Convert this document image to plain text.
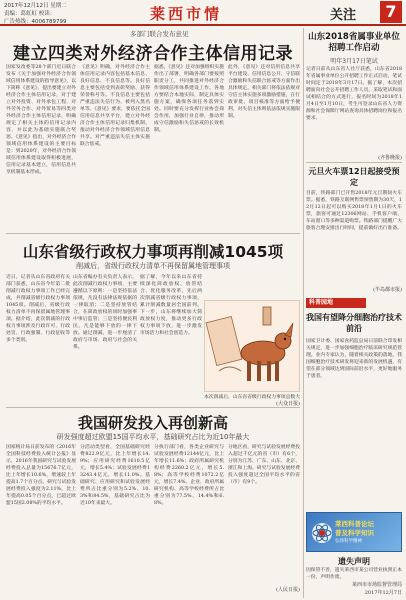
2017年12月12日 星期二
责编：葛虹虹 校读：
广告热线：4006789799	莱西市情	关注	7
多部门联合发布意见
建立四类对外经济合作主体信用记录
国家发改委等28个部门近日联合发布《关于加强对外经济合作领域信用体系建设的指导意见》，以下简称《意见》，提出要建立对外经济合作主体信用记录，对于建立对外投资、对外承包工程、对外劳务合作、对外贸易等四类对外经济合作主体信用记录，明确规定了相关主体的信用记录内容，并以此为基础实施联合奖惩。《意见》指出，对外经济合作领域信用体系建设的主要目标是：到2020年，对外经济合作领域信用体系建设取得积极进展，信用记录基本建立，信用信息共享机制基本形成。
《意见》明确，对外经济合作主体信用记录内容包括基本信息、良好信息、不良信息等。良好信息主要包括受到表彰奖励、获得荣誉称号等。不良信息主要包括严重违法失信行为、被列入黑名单等。《意见》要求，要依托全国信用信息共享平台，建立对外经济合作主体信用记录归集机制，推动对外经济合作领域信用信息共享。对严重违法失信主体实施联合惩戒。
据悉，《意见》还对加强组织实施作出了部署，明确各部门要按照职责分工，共同推进对外经济合作领域信用体系建设工作。各地方要结合本地实际，制定具体实施方案，确保各项任务落到实处。同时要充分发挥行业协会商会作用，加强行业自律，推动形成守信激励和失信惩戒的长效机制。
此外，《意见》还对信用信息共享平台建设、信用信息公开、守信联合激励和失信联合惩戒等方面作出具体规定。相关部门将依法依规对守信主体实施多项激励措施，在行政审批、项目核准等方面给予便利，对失信主体则依法依规实施限制。
山东省级行政权力事项再削减1045项
削减后，省级行政权力清单不再保留属地管理事项
近日，记者从山东省政府有关部门获悉，山东省今年第二批削减行政权力事项工作已经完成，共削减省级行政权力事项1045项。削减后，省级行政权力清单不再保留属地管理事项。据介绍，此次削减的行政权力事项涉及行政许可、行政处罚、行政强制、行政征收等多个类别。
山东省编办有关负责人表示，此次削减行政权力事项，主要遵循以下原则：一是坚持依法依规，凡没有法律法规依据的一律取消；二是坚持放管结合，在简政放权的同时加强事中事后监管；三是坚持便民利民，凡是能够下放的一律下放。通过削减，进一步厘清了政府与市场、政府与社会的关系。
据了解，今年以来山东省持续深化简政放权、放管结合、优化服务改革，先后两次削减省级行政权力事项，累计削减数量居全国前列。下一步，山东将继续加大简政放权力度，推动更多行政权力事项下放，进一步激发市场活力和社会创造力。
本次削减后，山东省省级行政权力事项总数大
(大众日报)
我国研发投入再创新高
研发强度超过欧盟15国平均水平，基础研究占比为近10年最大
国家统计局日前发布的《2016年全国科技经费投入统计公报》显示，2016年我国研究与试验发展经费投入总量为15676.7亿元，比上年增长10.6%，增速较上年提高1.7个百分点。研究与试验发展经费投入强度为2.11%，比上年提高0.05个百分点，已超过欧盟15国2.08%的平均水平。
分活动类型看，全国基础研究经费822.9亿元，比上年增长14.9%；应用研究经费1610.5亿元，增长5.4%；试验发展经费13243.4亿元，增长11.0%。基础研究、应用研究和试验发展经费所占比重分别为5.2%、10.3%和84.5%，基础研究占比为近10年来最大。
分执行部门看，各类企业研究与试验发展经费12144亿元，比上年增长11.6%；政府所属研究机构经费2260.2亿元，增长5.8%；高等学校经费1072.2亿元，增长7.4%。企业、政府所属研究机构、高等学校经费所占比重分别为77.5%、14.4%和6.8%。
分地区看，研究与试验发展经费投入超过千亿元的省（市）有6个，分别为江苏、广东、山东、北京、浙江和上海。研究与试验发展经费投入强度超过全国平均水平的省（市）有9个。
(人民日报)
山东2018省属事业单位招聘工作启动
明年3月17日笔试
记者日前从山东省人社厅获悉，山东省2018年省属事业单位公开招聘工作正式启动，笔试时间定于2018年3月17日。据了解，本次招聘面向社会公开招聘工作人员，采取笔试和面试相结合的方式进行，报名时间为2018年1月4日至1月10日，考生可登录山东省人力资源和社会保障厅网站查询具体招聘岗位和报名要求。
(齐鲁晚报)
元旦火车票12日起接受预定
目前，铁路部门已开售2018年元旦期间火车票。据悉，铁路互联网售票预售期为30天，12月12日起可以购买2018年1月1日的火车票，旅客可通过12306网站、手机客户端、车站窗口等多种渠道购票。铁路部门提醒广大旅客合理安排出行时间，提前做好出行准备。
(半岛都市报)
科普园地
我国有望降分细胞治疗技术前沿
国家卫计委、国家食药监总局日前联合印发相关规定，进一步加强细胞治疗临床研究规范管理。业内专家认为，随着相关政策的落地，我国细胞治疗技术研发将迎来新的发展机遇，有望在部分领域达到国际前沿水平，更好地服务于患者。
莱西科普论坛
普及科学知识
弘扬科学精神
遗失声明
因保管不善，遗失莱西市某公司营业执照正本一份，声明作废。
莱西市市场监督管理局
2017年12月7日
